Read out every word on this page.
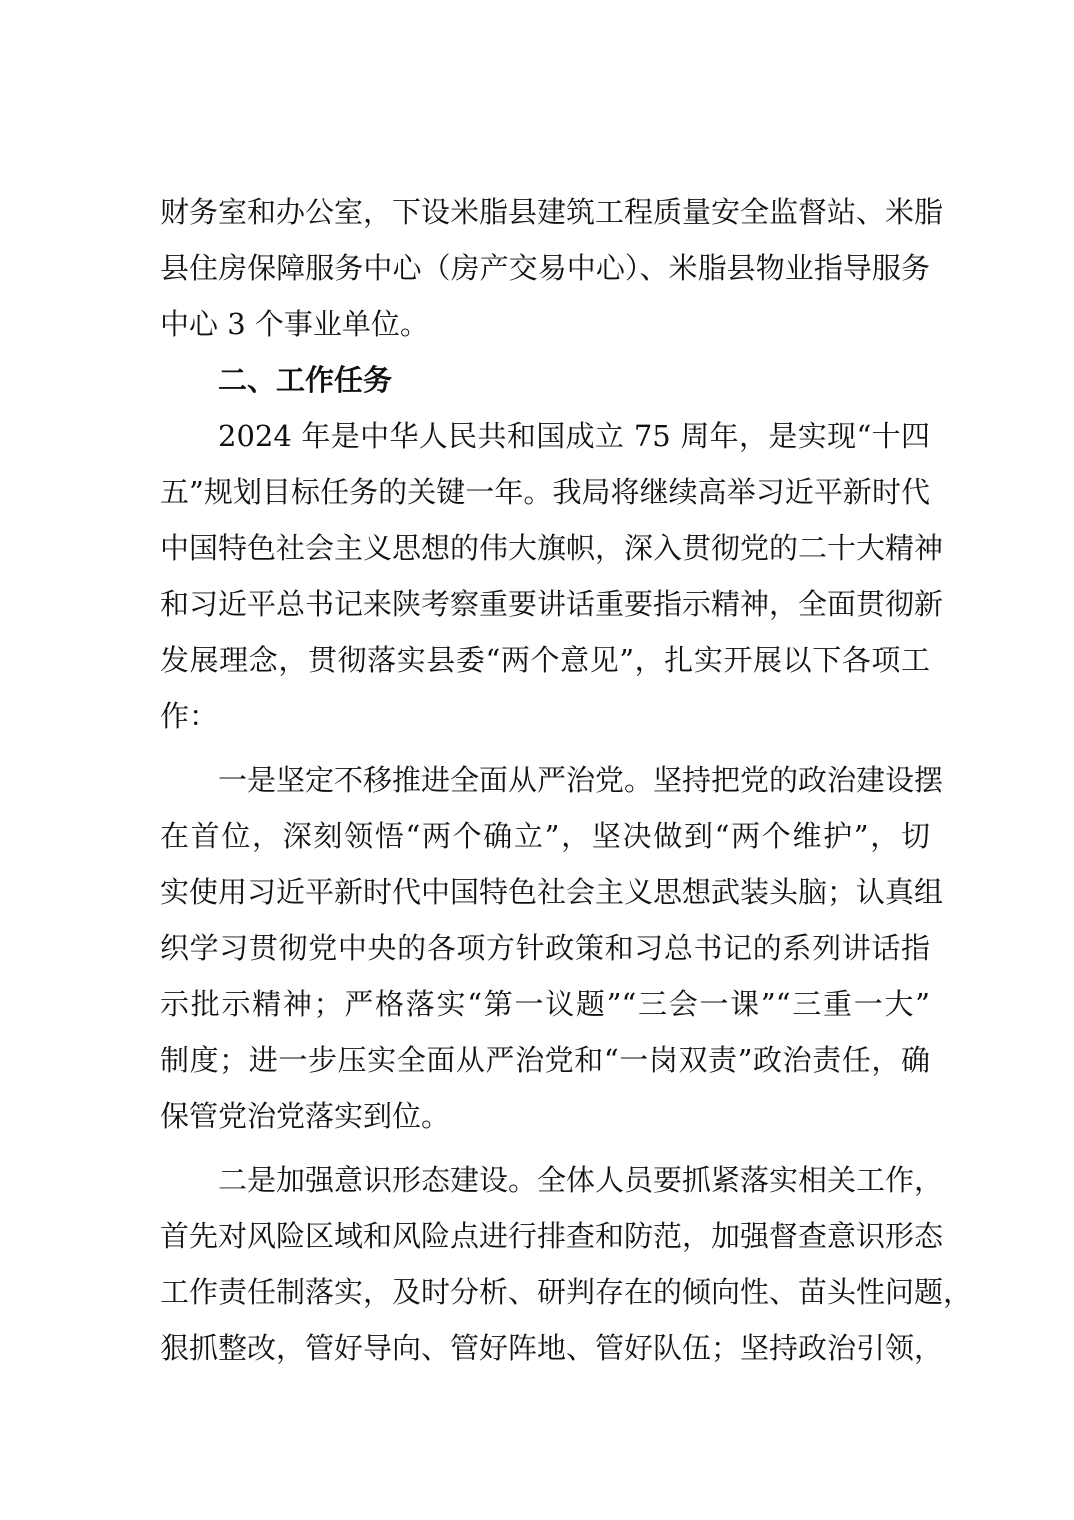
财务室和办公室，下设米脂县建筑工程质量安全监督站、米脂
县住房保障服务中心（房产交易中心）、米脂县物业指导服务
中心 3 个事业单位。
二、工作任务
2024 年是中华人民共和国成立 75 周年，是实现“十四
五”规划目标任务的关键一年。我局将继续高举习近平新时代
中国特色社会主义思想的伟大旗帜，深入贯彻党的二十大精神
和习近平总书记来陕考察重要讲话重要指示精神，全面贯彻新
发展理念，贯彻落实县委“两个意见”，扎实开展以下各项工
作：
一是坚定不移推进全面从严治党。坚持把党的政治建设摆
在首位，深刻领悟“两个确立”，坚决做到“两个维护”，切
实使用习近平新时代中国特色社会主义思想武装头脑；认真组
织学习贯彻党中央的各项方针政策和习总书记的系列讲话指
示批示精神；严格落实“第一议题”“三会一课”“三重一大”
制度；进一步压实全面从严治党和“一岗双责”政治责任，确
保管党治党落实到位。
二是加强意识形态建设。全体人员要抓紧落实相关工作，
首先对风险区域和风险点进行排查和防范，加强督查意识形态
工作责任制落实，及时分析、研判存在的倾向性、苗头性问题，
狠抓整改，管好导向、管好阵地、管好队伍；坚持政治引领，
